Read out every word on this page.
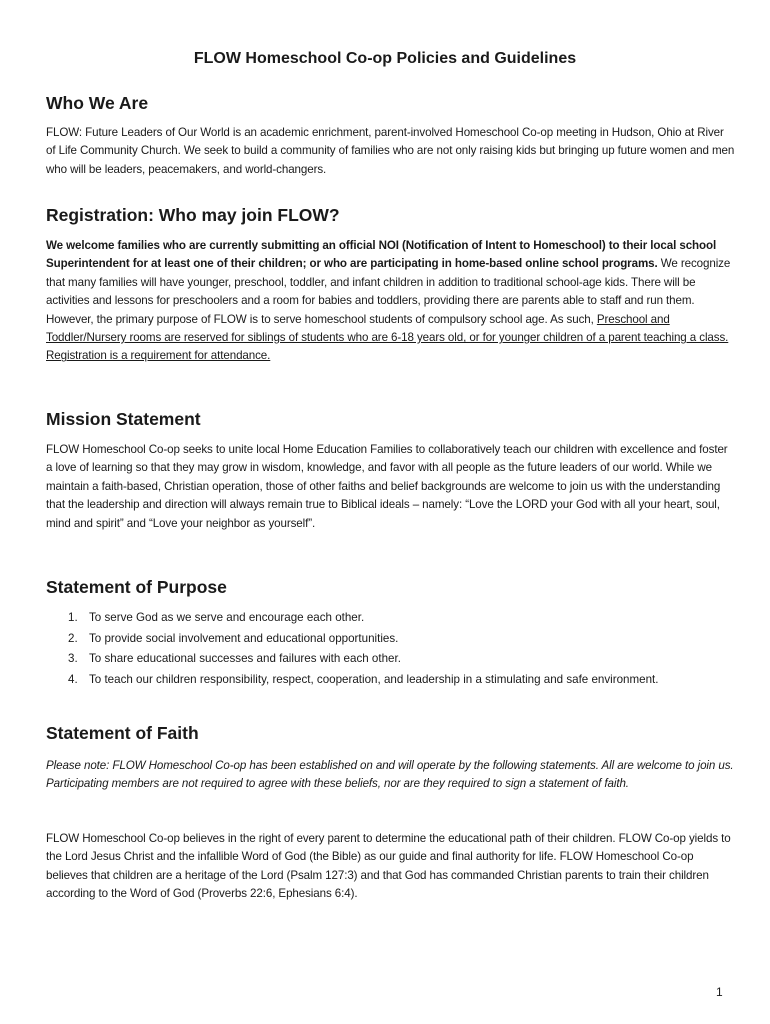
FLOW Homeschool Co-op Policies and Guidelines
Who We Are

FLOW: Future Leaders of Our World is an academic enrichment, parent-involved Homeschool Co-op meeting in Hudson, Ohio at River of Life Community Church. We seek to build a community of families who are not only raising kids but bringing up future women and men who will be leaders, peacemakers, and world-changers.

Registration: Who may join FLOW?

We welcome families who are currently submitting an official NOI (Notification of Intent to Homeschool) to their local school Superintendent for at least one of their children; or who are participating in home-based online school programs. We recognize that many families will have younger, preschool, toddler, and infant children in addition to traditional school-age kids. There will be activities and lessons for preschoolers and a room for babies and toddlers, providing there are parents able to staff and run them. However, the primary purpose of FLOW is to serve homeschool students of compulsory school age. As such, Preschool and Toddler/Nursery rooms are reserved for siblings of students who are 6-18 years old, or for younger children of a parent teaching a class. Registration is a requirement for attendance.

Mission Statement

FLOW Homeschool Co-op seeks to unite local Home Education Families to collaboratively teach our children with excellence and foster a love of learning so that they may grow in wisdom, knowledge, and favor with all people as the future leaders of our world. While we maintain a faith-based, Christian operation, those of other faiths and belief backgrounds are welcome to join us with the understanding that the leadership and direction will always remain true to Biblical ideals – namely: “Love the LORD your God with all your heart, soul, mind and spirit” and “Love your neighbor as yourself”.

Statement of Purpose
1. To serve God as we serve and encourage each other.
2. To provide social involvement and educational opportunities.
3. To share educational successes and failures with each other.
4. To teach our children responsibility, respect, cooperation, and leadership in a stimulating and safe environment.
Statement of Faith

Please note: FLOW Homeschool Co-op has been established on and will operate by the following statements. All are welcome to join us. Participating members are not required to agree with these beliefs, nor are they required to sign a statement of faith.

FLOW Homeschool Co-op believes in the right of every parent to determine the educational path of their children. FLOW Co-op yields to the Lord Jesus Christ and the infallible Word of God (the Bible) as our guide and final authority for life. FLOW Homeschool Co-op believes that children are a heritage of the Lord (Psalm 127:3) and that God has commanded Christian parents to train their children according to the Word of God (Proverbs 22:6, Ephesians 6:4).

1
